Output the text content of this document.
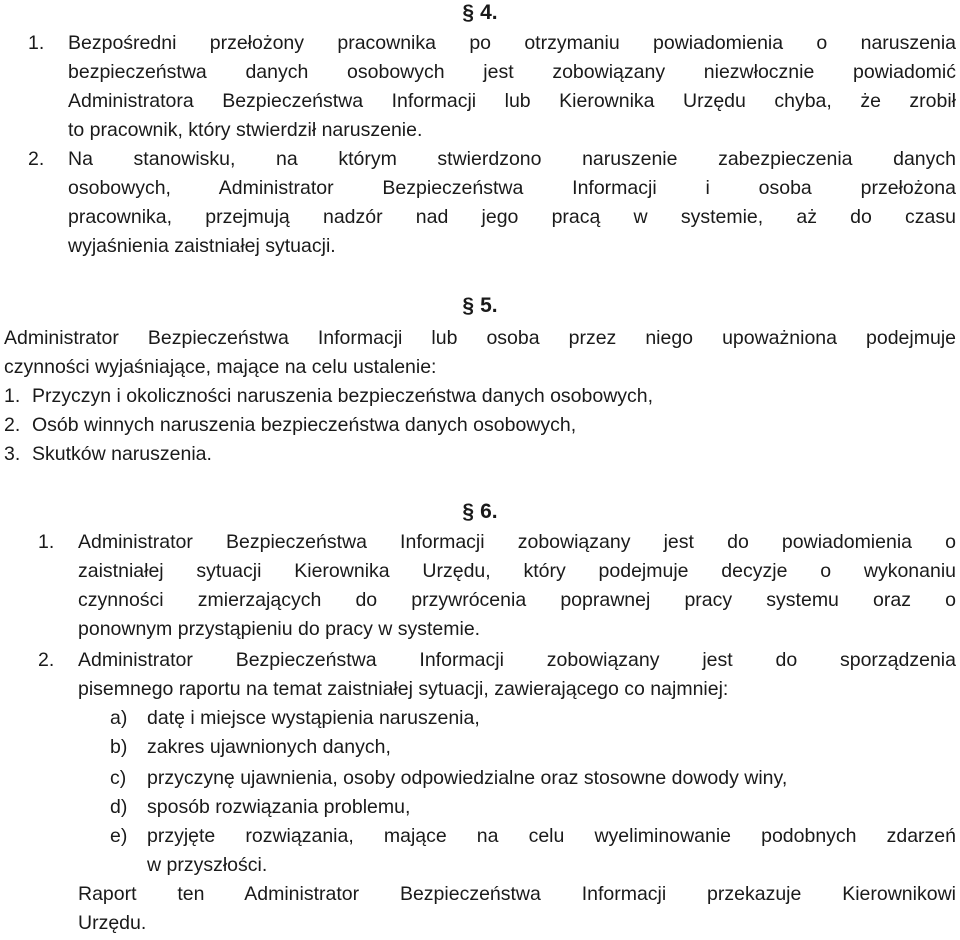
§ 4.
1. Bezpośredni przełożony pracownika po otrzymaniu powiadomienia o naruszenia
bezpieczeństwa danych osobowych jest zobowiązany niezwłocznie powiadomić
Administratora Bezpieczeństwa Informacji lub Kierownika Urzędu chyba, że zrobił
to pracownik, który stwierdził naruszenie.
2. Na stanowisku, na którym stwierdzono naruszenie zabezpieczenia danych
osobowych, Administrator Bezpieczeństwa Informacji i osoba przełożona
pracownika, przejmują nadzór nad jego pracą w systemie, aż do czasu
wyjaśnienia zaistniałej sytuacji.
§ 5.
Administrator Bezpieczeństwa Informacji lub osoba przez niego upoważniona podejmuje
czynności wyjaśniające, mające na celu ustalenie:
1. Przyczyn i okoliczności naruszenia bezpieczeństwa danych osobowych,
2. Osób winnych naruszenia bezpieczeństwa danych osobowych,
3. Skutków naruszenia.
§ 6.
1. Administrator Bezpieczeństwa Informacji zobowiązany jest do powiadomienia o
zaistniałej sytuacji Kierownika Urzędu, który podejmuje decyzje o wykonaniu
czynności zmierzających do przywrócenia poprawnej pracy systemu oraz o
ponownym przystąpieniu do pracy w systemie.
2. Administrator Bezpieczeństwa Informacji zobowiązany jest do sporządzenia
pisemnego raportu na temat zaistniałej sytuacji, zawierającego co najmniej:
a) datę i miejsce wystąpienia naruszenia,
b) zakres ujawnionych danych,
c) przyczynę ujawnienia, osoby odpowiedzialne oraz stosowne dowody winy,
d) sposób rozwiązania problemu,
e) przyjęte rozwiązania, mające na celu wyeliminowanie podobnych zdarzeń
w przyszłości.
Raport ten Administrator Bezpieczeństwa Informacji przekazuje Kierownikowi
Urzędu.
